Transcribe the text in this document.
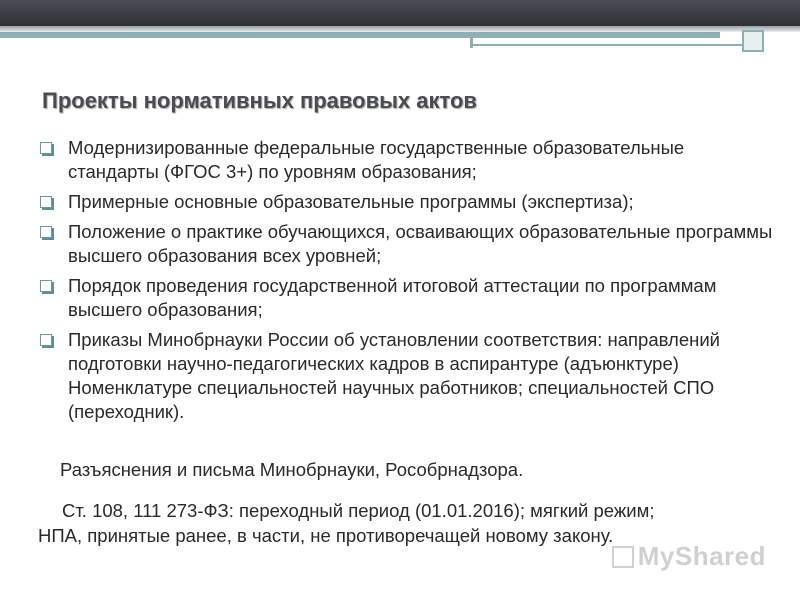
Проекты нормативных правовых актов
Модернизированные федеральные государственные образовательные стандарты (ФГОС 3+) по уровням образования;
Примерные основные образовательные программы (экспертиза);
Положение о практике обучающихся, осваивающих образовательные программы высшего образования всех уровней;
Порядок проведения государственной итоговой аттестации по программам высшего образования;
Приказы Минобрнауки России об установлении соответствия: направлений подготовки научно-педагогических кадров в аспирантуре (адъюнктуре) Номенклатуре специальностей научных работников; специальностей СПО (переходник).
Разъяснения и письма Минобрнауки, Рособрнадзора.
Ст. 108, 111 273-ФЗ: переходный период (01.01.2016); мягкий режим;
НПА, принятые ранее, в части, не противоречащей новому закону.
MyShared
